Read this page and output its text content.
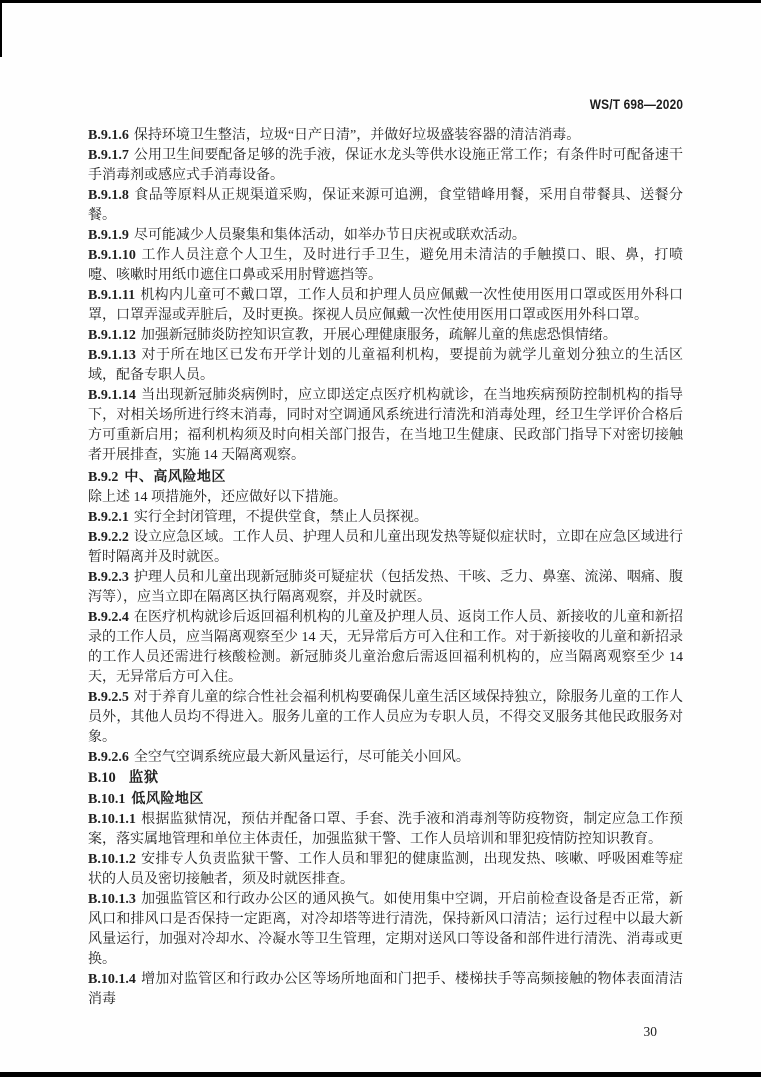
WS/T 698—2020

B.9.1.6 保持环境卫生整洁，垃圾“日产日清”，并做好垃圾盛装容器的清洁消毒。

B.9.1.7 公用卫生间要配备足够的洗手液，保证水龙头等供水设施正常工作；有条件时可配备速干手消毒剂或感应式手消毒设备。

B.9.1.8 食品等原料从正规渠道采购，保证来源可追溯，食堂错峰用餐，采用自带餐具、送餐分餐。

B.9.1.9 尽可能减少人员聚集和集体活动，如举办节日庆祝或联欢活动。

B.9.1.10 工作人员注意个人卫生，及时进行手卫生，避免用未清洁的手触摸口、眼、鼻，打喷嚏、咳嗽时用纸巾遮住口鼻或采用肘臂遮挡等。

B.9.1.11 机构内儿童可不戴口罩，工作人员和护理人员应佩戴一次性使用医用口罩或医用外科口罩，口罩弄湿或弄脏后，及时更换。探视人员应佩戴一次性使用医用口罩或医用外科口罩。

B.9.1.12 加强新冠肺炎防控知识宣教，开展心理健康服务，疏解儿童的焦虑恐惧情绪。

B.9.1.13 对于所在地区已发布开学计划的儿童福利机构，要提前为就学儿童划分独立的生活区域，配备专职人员。

B.9.1.14 当出现新冠肺炎病例时，应立即送定点医疗机构就诊，在当地疾病预防控制机构的指导下，对相关场所进行终末消毒，同时对空调通风系统进行清洗和消毒处理，经卫生学评价合格后方可重新启用；福利机构须及时向相关部门报告，在当地卫生健康、民政部门指导下对密切接触者开展排查，实施 14 天隔离观察。

B.9.2 中、高风险地区

除上述 14 项措施外，还应做好以下措施。

B.9.2.1 实行全封闭管理，不提供堂食，禁止人员探视。

B.9.2.2 设立应急区域。工作人员、护理人员和儿童出现发热等疑似症状时，立即在应急区域进行暂时隔离并及时就医。

B.9.2.3 护理人员和儿童出现新冠肺炎可疑症状（包括发热、干咳、乏力、鼻塞、流涕、咽痛、腹泻等），应当立即在隔离区执行隔离观察，并及时就医。

B.9.2.4 在医疗机构就诊后返回福利机构的儿童及护理人员、返岗工作人员、新接收的儿童和新招录的工作人员，应当隔离观察至少 14 天，无异常后方可入住和工作。对于新接收的儿童和新招录的工作人员还需进行核酸检测。新冠肺炎儿童治愈后需返回福利机构的，应当隔离观察至少 14 天，无异常后方可入住。

B.9.2.5 对于养育儿童的综合性社会福利机构要确保儿童生活区域保持独立，除服务儿童的工作人员外，其他人员均不得进入。服务儿童的工作人员应为专职人员，不得交叉服务其他民政服务对象。

B.9.2.6 全空气空调系统应最大新风量运行，尽可能关小回风。

B.10 监狱

B.10.1 低风险地区

B.10.1.1 根据监狱情况，预估并配备口罩、手套、洗手液和消毒剂等防疫物资，制定应急工作预案，落实属地管理和单位主体责任，加强监狱干警、工作人员培训和罪犯疫情防控知识教育。

B.10.1.2 安排专人负责监狱干警、工作人员和罪犯的健康监测，出现发热、咳嗽、呼吸困难等症状的人员及密切接触者，须及时就医排查。

B.10.1.3 加强监管区和行政办公区的通风换气。如使用集中空调，开启前检查设备是否正常，新风口和排风口是否保持一定距离，对冷却塔等进行清洗，保持新风口清洁；运行过程中以最大新风量运行，加强对冷却水、冷凝水等卫生管理，定期对送风口等设备和部件进行清洗、消毒或更换。

B.10.1.4 增加对监管区和行政办公区等场所地面和门把手、楼梯扶手等高频接触的物体表面清洁消毒

30
